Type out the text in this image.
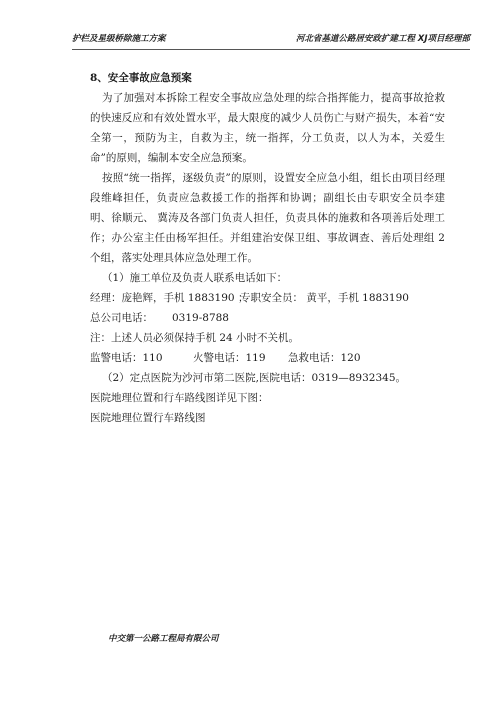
护栏及星级桥除施工方案	河北省基道公路居安政扩建工程 XJ项目经理部

8、安全事故应急预案

为了加强对本拆除工程安全事故应急处理的综合指挥能力，提高事故抢救的快速反应和有效处置水平，最大限度的减少人员伤亡与财产损失，本着“安全第一，预防为主，自救为主，统一指挥，分工负责，以人为本，关爱生命”的原则，编制本安全应急预案。

按照“统一指挥，逐级负责”的原则，设置安全应急小组，组长由项目经理段维峰担任，负责应急救援工作的指挥和协调；副组长由专职安全员李建明、徐顺元、 冀涛及各部门负责人担任，负责具体的施救和各项善后处理工作；办公室主任由杨军担任。并组建治安保卫组、事故调查、善后处理组 2 个组，落实处理具体应急处理工作。

（1）施工单位及负责人联系电话如下：

经理：庞艳辉，手机 1883190 ；
专职安全员： 黄平，手机 1883190
总公司电话：	0319-8788

注：上述人员必须保持手机 24 小时不关机。

监警电话：110	火警电话：119	急救电话：120

（2）定点医院为沙河市第二医院,医院电话：0319—8932345。

医院地理位置和行车路线图详见下图：

医院地理位置行车路线图

中交第一公路工程局有限公司
